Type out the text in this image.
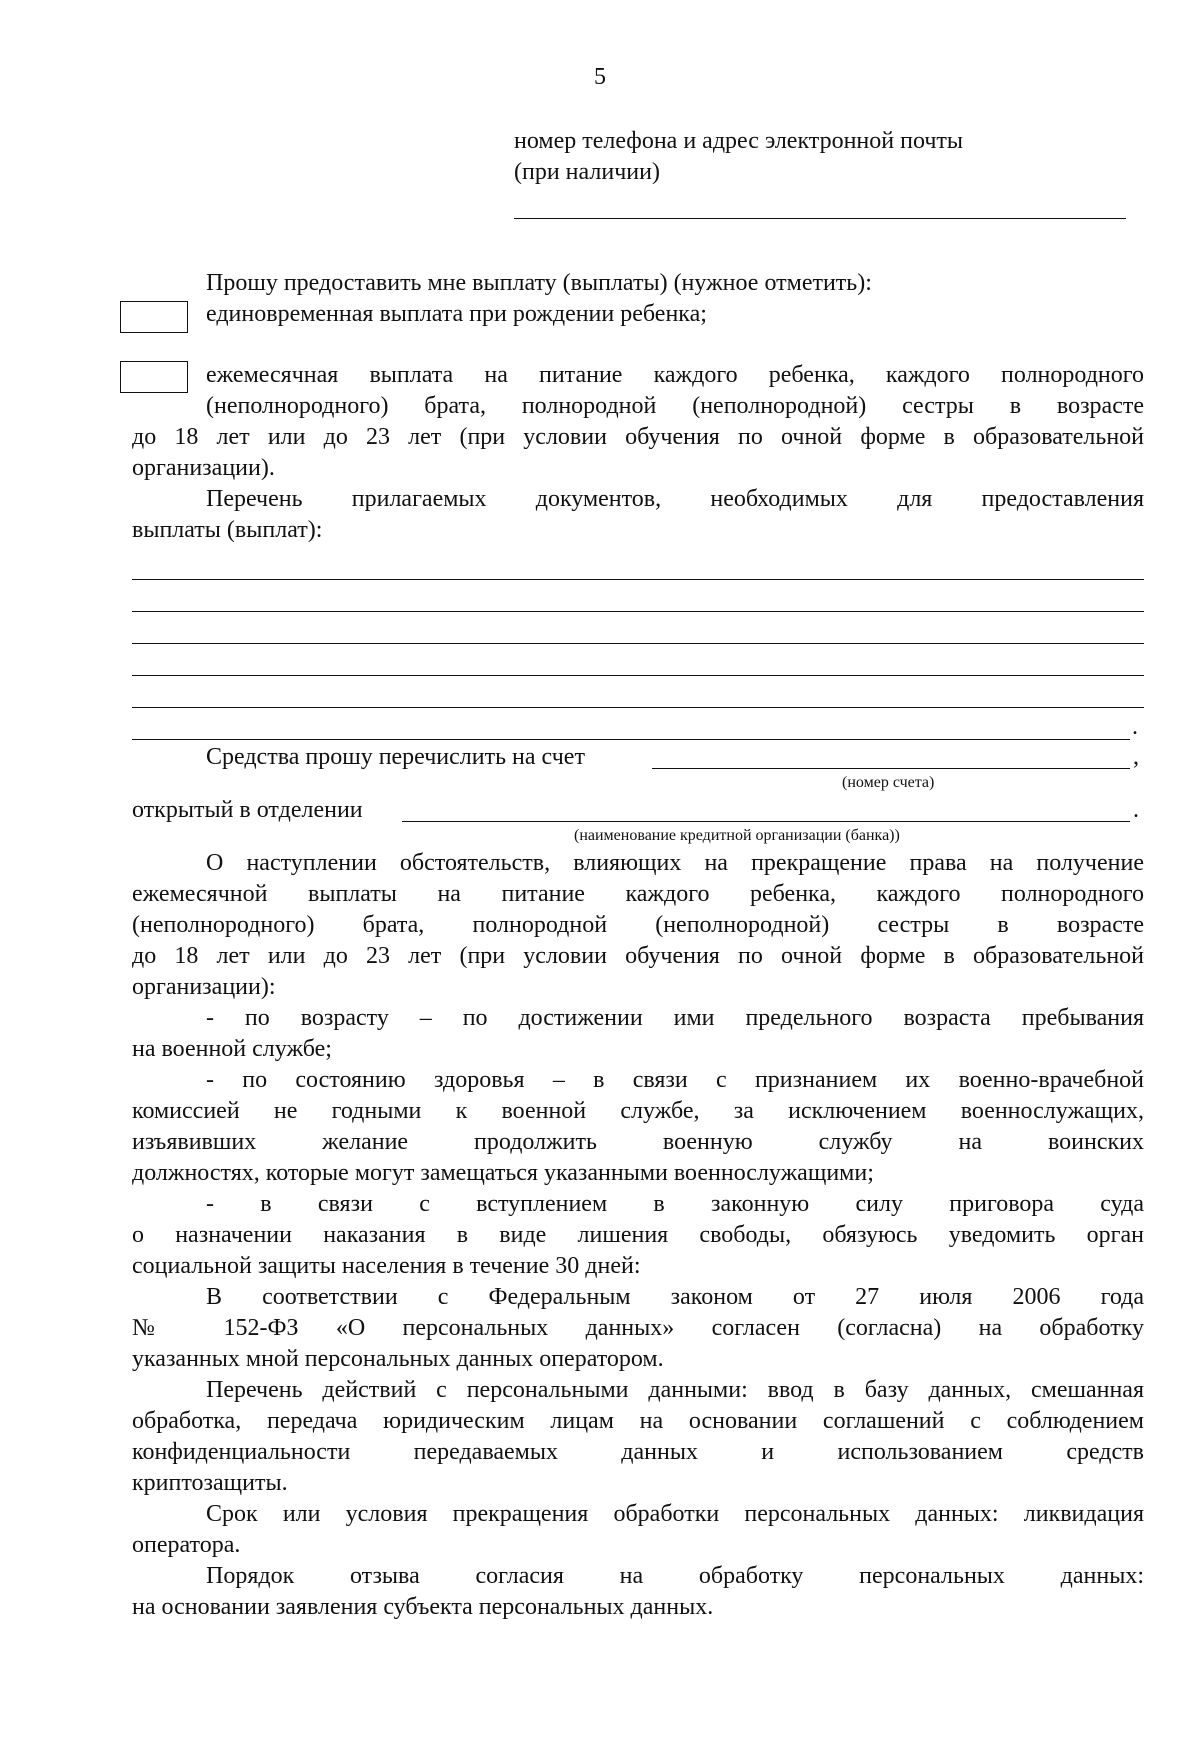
5
номер телефона и адрес электронной почты
(при наличии)
Прошу предоставить мне выплату (выплаты) (нужное отметить):
единовременная выплата при рождении ребенка;
ежемесячная выплата на питание каждого ребенка, каждого полнородного
(неполнородного) брата, полнородной (неполнородной) сестры в возрасте
до 18 лет или до 23 лет (при условии обучения по очной форме в образовательной
организации).
Перечень прилагаемых документов, необходимых для предоставления
выплаты (выплат):
.
Средства прошу перечислить на счет	,
(номер счета)
открытый в отделении	.
(наименование кредитной организации (банка))
О наступлении обстоятельств, влияющих на прекращение права на получение
ежемесячной выплаты на питание каждого ребенка, каждого полнородного
(неполнородного) брата, полнородной (неполнородной) сестры в возрасте
до 18 лет или до 23 лет (при условии обучения по очной форме в образовательной
организации):
- по возрасту – по достижении ими предельного возраста пребывания
на военной службе;
- по состоянию здоровья – в связи с признанием их военно-врачебной
комиссией не годными к военной службе, за исключением военнослужащих,
изъявивших желание продолжить военную службу на воинских
должностях, которые могут замещаться указанными военнослужащими;
- в связи с вступлением в законную силу приговора суда
о назначении наказания в виде лишения свободы, обязуюсь уведомить орган
социальной защиты населения в течение 30 дней:
В соответствии с Федеральным законом от 27 июля 2006 года
№ 152-ФЗ «О персональных данных» согласен (согласна) на обработку
указанных мной персональных данных оператором.
Перечень действий с персональными данными: ввод в базу данных, смешанная
обработка, передача юридическим лицам на основании соглашений с соблюдением
конфиденциальности передаваемых данных и использованием средств
криптозащиты.
Срок или условия прекращения обработки персональных данных: ликвидация
оператора.
Порядок отзыва согласия на обработку персональных данных:
на основании заявления субъекта персональных данных.
